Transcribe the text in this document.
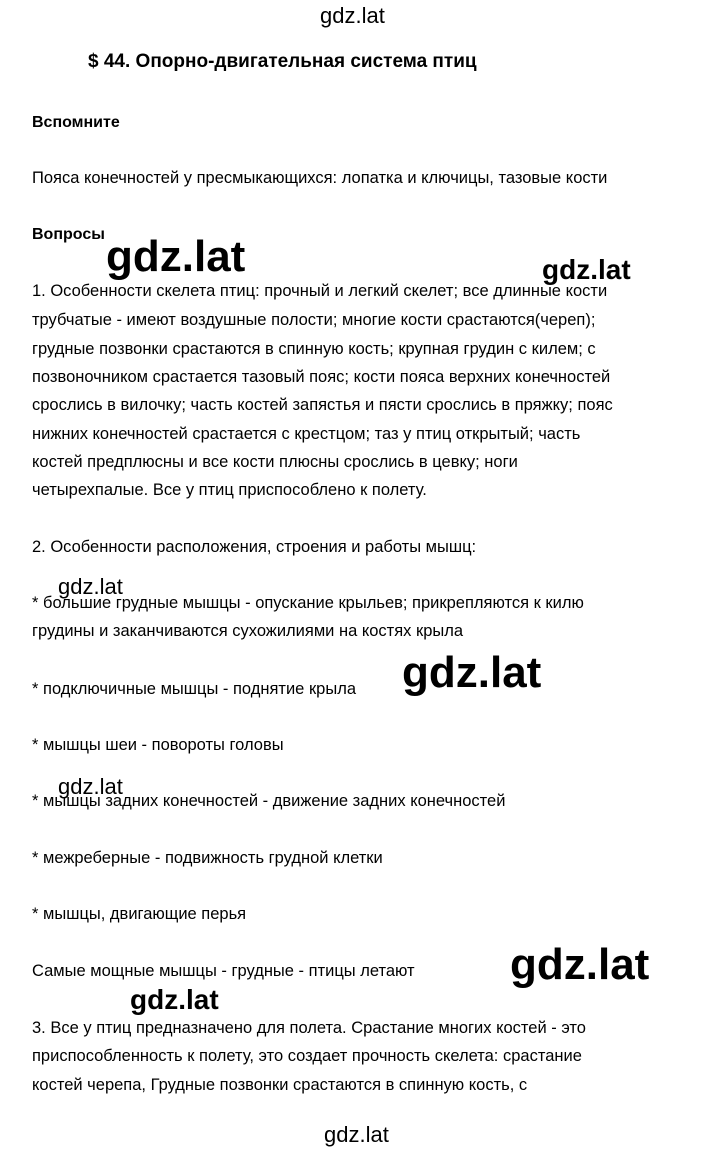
gdz.lat
$ 44. Опорно-двигательная система птиц
Вспомните
Пояса конечностей у пресмыкающихся: лопатка и ключицы, тазовые кости
Вопросы
1. Особенности скелета птиц: прочный и легкий скелет; все длинные кости
трубчатые - имеют воздушные полости; многие кости срастаются(череп);
грудные позвонки срастаются в спинную кость; крупная грудин с килем; с
позвоночником срастается тазовый пояс; кости пояса верхних конечностей
срослись в вилочку; часть костей запястья и пясти срослись в пряжку; пояс
нижних конечностей срастается с крестцом; таз у птиц открытый; часть
костей предплюсны и все кости плюсны срослись в цевку; ноги
четырехпалые. Все у птиц приспособлено к полету.
2. Особенности расположения, строения и работы мышц:
* большие грудные мышцы - опускание крыльев; прикрепляются к килю
грудины и заканчиваются сухожилиями на костях крыла
* подключичные мышцы - поднятие крыла
* мышцы шеи - повороты головы
* мышцы задних конечностей - движение задних конечностей
* межреберные - подвижность грудной клетки
* мышцы, двигающие перья
Самые мощные мышцы - грудные - птицы летают
3. Все у птиц предназначено для полета. Срастание многих костей - это
приспособленность к полету, это создает прочность скелета: срастание
костей черепа, Грудные позвонки срастаются в спинную кость, с
gdz.lat	gdz.lat
gdz.lat
gdz.lat
gdz.lat
gdz.lat
gdz.lat
gdz.lat
